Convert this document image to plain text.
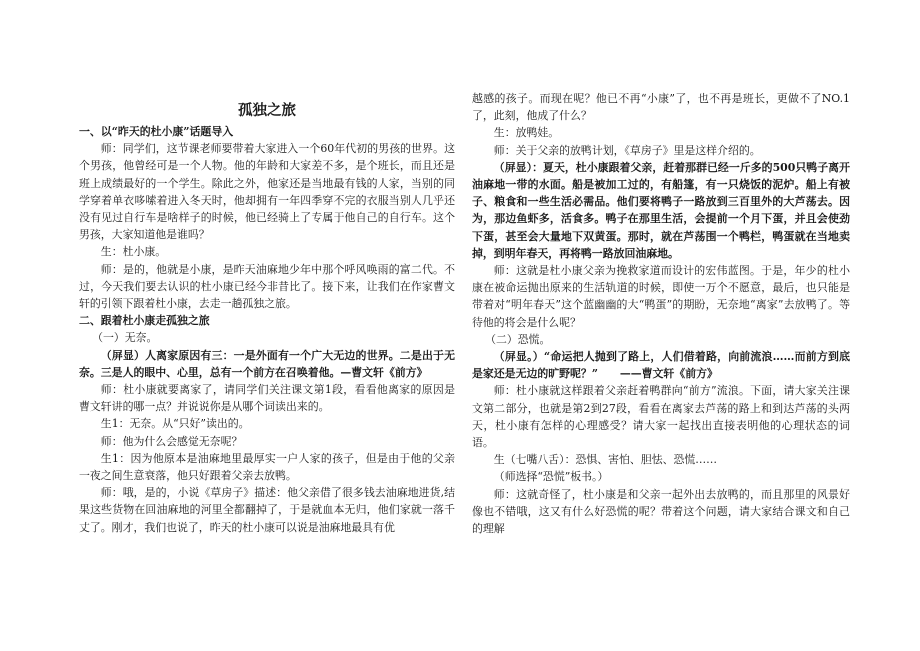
孤独之旅

一、以“昨天的杜小康”话题导入

师：同学们，这节课老师要带着大家进入一个60年代初的男孩的世界。这个男孩，他曾经可是一个人物。他的年龄和大家差不多，是个班长，而且还是班上成绩最好的一个学生。除此之外，他家还是当地最有钱的人家，当别的同学穿着单衣哆嗦着进入冬天时，他却拥有一年四季穿不完的衣服当别人几乎还没有见过自行车是啥样子的时候，他已经骑上了专属于他自己的自行车。这个男孩，大家知道他是谁吗？

生：杜小康。

师：是的，他就是小康，是昨天油麻地少年中那个呼风唤雨的富二代。不过，今天我们要去认识的杜小康已经今非昔比了。接下来，让我们在作家曹文轩的引领下跟着杜小康，去走一趟孤独之旅。

二、跟着杜小康走孤独之旅

（一）无奈。

（屏显）人离家原因有三：一是外面有一个广大无边的世界。二是出于无奈。三是人的眼中、心里，总有一个前方在召唤着他。—曹文轩《前方》

师：杜小康就要离家了，请同学们关注课文第1段，看看他离家的原因是曹文轩讲的哪一点？并说说你是从哪个词读出来的。

生1：无奈。从“只好”读出的。

师：他为什么会感觉无奈呢？

生1：因为他原本是油麻地里最厚实一户人家的孩子，但是由于他的父亲一夜之间生意衰落，他只好跟着父亲去放鸭。

师：哦，是的，小说《草房子》描述：他父亲借了很多钱去油麻地进货,结果这些货物在回油麻地的河里全都翻掉了，于是就血本无归，他们家就一落千丈了。刚才，我们也说了，昨天的杜小康可以说是油麻地最具有优

越感的孩子。而现在呢？他已不再“小康”了，也不再是班长，更做不了NO.1了，此刻，他成了什么？

生：放鸭娃。

师：关于父亲的放鸭计划，《草房子》里是这样介绍的。

（屏显）：夏天，杜小康跟着父亲，赶着那群已经一斤多的500只鸭子离开油麻地一带的水面。船是被加工过的，有船篷，有一只烧饭的泥炉。船上有被子、粮食和一些生活必需品。他们要将鸭子一路放到三百里外的大芦荡去。因为，那边鱼虾多，活食多。鸭子在那里生活，会提前一个月下蛋，并且会使劲下蛋，甚至会大量地下双黄蛋。那时，就在芦荡围一个鸭栏，鸭蛋就在当地卖掉，到明年春天，再将鸭一路放回油麻地。

师：这就是杜小康父亲为挽救家道而设计的宏伟蓝图。于是，年少的杜小康在被命运抛出原来的生活轨道的时候，即使一万个不愿意，最后，也只能是带着对“明年春天”这个蓝幽幽的大“鸭蛋”的期盼，无奈地“离家”去放鸭了。等待他的将会是什么呢？

（二）恐慌。

（屏显。）“命运把人抛到了路上，人们借着路，向前流浪……而前方到底是家还是无边的旷野呢？”　　——曹文轩《前方》

师：杜小康就这样跟着父亲赶着鸭群向“前方”流浪。下面，请大家关注课文第二部分，也就是第2到27段，看看在离家去芦荡的路上和到达芦荡的头两天，杜小康有怎样的心理感受？请大家一起找出直接表明他的心理状态的词语。

生（七嘴八舌）：恐惧、害怕、胆怯、恐慌……

（师选择“恐慌”板书。）

师：这就奇怪了，杜小康是和父亲一起外出去放鸭的，而且那里的风景好像也不错哦，这又有什么好恐慌的呢？带着这个问题，请大家结合课文和自己的理解
